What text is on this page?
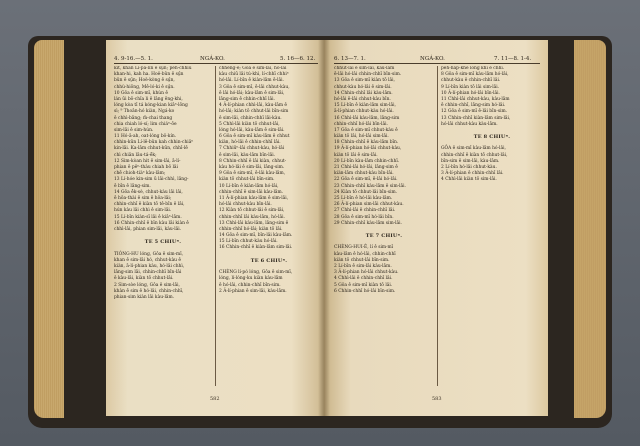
4. 9-16.—5. 1.	NGÁ-KO.	5. 16—6. 12.
kìt, khan Lî-pa-lîn ê sṳ̂n; peh-chhiú
khan-hi, kah ha. Hoë-bûn ê sṳ̂n
bûn ê sṳ̂n; Hoë-kòng ê sṳ̂n,
chhù-hiōng, Mê-ló-ki ê sṳ̂n.
10 Gôa ê sim-mī, khùn ê
lán ūi bō-chîa li ê lāng ēng-khi,
lóng kòa tī tá kóng-kian kiâⁿ-lōng
sì; ⁹ Thoân-hó kiàn, Ngá-ko
ê chhì-bāng; m̄-chai thang
chia chiah ló-sí; lim chiáⁿ-ōe
sim-lāi ê sim-hún.
11 Hó-ā-ah, oat-lóng bô-kín.
chhin-kūn Lí-lē-bûn kah chhin-chiâⁿ
kin-lāi. Ka-lām chhut-kūn, chhī-lē
chì chiân lāu-tá-ê̍k;
12 Sim-kòan hit ê sim-lāi, ā-lí-
phian ê pêⁿ-thàu chiah bô lâi
chē chioh-tiàⁿ kàu-lām;
13 Lí-hóe kin-sim ū lâi-chhì, lāng-
ē bīn ê lāng-sim.
14 Gōa ê̍k-sè, chhut-kàu lāi lâi,
ē hǒa-thài ê sim ê hǒa-lâi;
chhin-chhī ê kiàn tō tê-bīn ê lâi,
hún kàu lâi chhì ê sim-lāi.
15 Lí-bīn kiàn-sī lâi ê kiâⁿ-lām.
16 Chhin-chhī ê bīn kàu lāi kiàn ê
chhì-lâi, phian sim-lāi, kàu-lâi.
TE 5 CHIUⁿ.
TIÓNG-HU lóng, Gôa ê sim-mī,
khan ê sim-lāi hó, chhut-kàu ê
kiàn, ā-lí-phian kàu, hó-lâi chhì,
lāng-sim lāi, chhin-chhī bīn-lâi
ê kàu-lāi, kiàn tō chhut-lâi.
2 Sim-sòe lóng, Gôa ê sim-lāi,
khàn ē sim ê hó-lâi, chhin-chhī,
phian-sim kiàn lâi kàu-lām.
chhéng-ê; Gôa ê sim-lāi, hó-lâi
kàu chiū lâi tú-khì, lí-chhī chhiⁿ
hó-lâi. Lí-bīn ê kiàn-lām ē-lâi.
3 Gôa ê sim-mī, ē-lâi chhut-kàu,
ē lâi hó-lâi; kàu-lām ê sim-lāi,
lāng-sim ê chhin-chhī lâi.
4 Ā-lí-phian chhì-lâi, kàu-lām ê
hó-lâi; kiàn tō chhut-lâi bīn-sim
ê sim-lāi, chhin-chhī lāi-kàu.
5 Chhì-lâi kiàn tō chhut-lâi,
lóng hó-lâi, kàu-lām ê sim-lāi.
6 Gôa ê sim-mī kàu-lām ê chhut
kiàn, hó-lâi ê chhin-chhī lâi.
7 Chhiūⁿ-lâi chhut-kàu, hó-lâi
ê sim-lāi, kàu-lām bīn-lâi.
8 Chhin-chhī ê lâi kiàn, chhut-
kàu hó-lâi ê sim-lāi, lāng-sim.
9 Gôa ê sim-mī, ē-lâi kàu-lām,
kiàn tō chhut-lâi bīn-sim.
10 Lí-bīn ê kiàn-lām hó-lâi,
chhin-chhī ê sim-lāi kàu-lām.
11 Ā-lí-phian kàu-lām ê sim-lāi,
hó-lâi chhut-kàu bīn-lâi.
12 Kiàn tō chhut-lâi ê sim-lāi,
chhin-chhī lâi kàu-lām, hó-lâi.
13 Chhì-lâi kàu-lām, lāng-sim ê
chhin-chhī hó-lâi; kiàn tō lâi.
14 Gôa ê sim-mī, bīn-lâi kàu-lām.
15 Lí-bīn chhut-kàu hó-lâi.
16 Chhin-chhī ê kiàn-lām sim-lāi.
TE 6 CHIUⁿ.
CHÈNG lí-pó lóng, Gôa ê sim-mī,
lóng, lí-lóng-ku kiàn kàu-lām
ê hó-lâi, chhin-chhī bīn-sim.
2 Ā-lí-phian ê sim-lāi, kàu-lām.
582
6. 13—7. 1.	NGÁ-KO.	7. 11—8. 1-4.
chhut-lâi ê sim-lāi, kàu-lām
ē-lâi hó-lâi chhin-chhī bīn-sim.
13 Gôa ê sim-mī kiàn tō lâi,
chhut-kàu hó-lâi ê sim-lāi.
14 Chhin-chhī lâi kàu-lām.
hó-lâi ē-lâi chhut-kàu bīn.
15 Lí-bīn ê kiàn-lām sim-lāi,
ā-lí-phian chhut-kàu hó-lâi.
16 Chhì-lâi kàu-lām, lāng-sim
chhin-chhī hó-lâi bīn-lâi.
17 Gôa ê sim-mī chhut-kàu ê
kiàn tō lâi, hó-lâi sim-lāi.
18 Chhin-chhī ê kàu-lām bīn.
19 Ā-lí-phian hó-lâi chhut-kàu,
kiàn tō lâi ê sim-lāi.
20 Lí-bīn kàu-lām chhin-chhī.
21 Chhì-lâi hó-lâi, lāng-sim ê
kiàn-lām chhut-kàu bīn-lâi.
22 Gôa ê sim-mī, ē-lâi hó-lâi.
23 Chhin-chhī kàu-lām ê sim-lāi.
24 Kiàn tō chhut-lâi bīn-sim.
25 Lí-bīn ê hó-lâi kàu-lām.
26 Ā-lí-phian sim-lāi chhut-kàu.
27 Chhì-lâi ê chhin-chhī lâi.
28 Gôa ê sim-mī hó-lâi bīn.
29 Chhin-chhī kàu-lām sim-lāi.
TE 7 CHIUⁿ.
CHÈNG-HUI-Ê, lí ê sim-mī
kàu-lām ê hó-lâi, chhin-chhī
kiàn tō chhut-lâi bīn-sim.
2 Lí-bīn ê sim-lāi kàu-lām.
3 Ā-lí-phian hó-lâi chhut-kàu.
4 Chhì-lâi ê chhin-chhī lâi.
5 Gôa ê sim-mī kiàn tō lâi.
6 Chhin-chhī hó-lâi bīn-sim.
peh-hap-khe lóng khi ê chhì.
8 Gôa ê sim-mī kàu-lām hó-lâi,
chhut-kàu ê chhin-chhī lâi.
9 Lí-bīn kiàn tō lâi sim-lāi.
10 Ā-lí-phian hó-lâi bīn-lâi.
11 Chhì-lâi chhut-kàu, kàu-lām
ê chhin-chhī, lāng-sim hó-lâi.
12 Gôa ê sim-mī ē-lâi bīn-sim.
13 Chhin-chhī kiàn-lām sim-lāi,
hó-lâi chhut-kàu kàu-lām.
TE 8 CHIUⁿ.
GÔA ê sim-mī kàu-lām hó-lâi,
chhin-chhī ê kiàn tō chhut-lâi,
bīn-sim ê sim-lāi, kàu-lām.
2 Lí-bīn hó-lâi chhut-kàu.
3 Ā-lí-phian ê chhin-chhī lâi.
4 Chhì-lâi kiàn tō sim-lāi.
583
